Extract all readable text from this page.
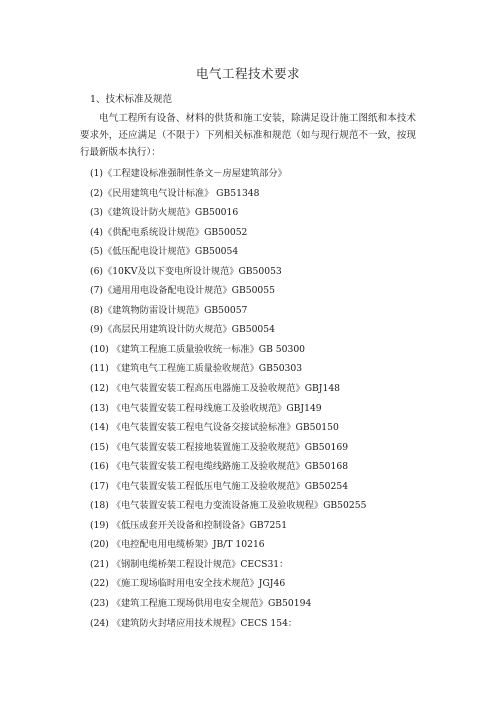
电气工程技术要求
1、技术标准及规范
电气工程所有设备、材料的供货和施工安装，除满足设计施工图纸和本技术要求外，还应满足（不限于）下列相关标准和规范（如与现行规范不一致，按现行最新版本执行）：
(1)《工程建设标准强制性条文－房屋建筑部分》
(2)《民用建筑电气设计标准》 GB51348
(3)《建筑设计防火规范》GB50016
(4)《供配电系统设计规范》GB50052
(5)《低压配电设计规范》GB50054
(6)《10KV及以下变电所设计规范》GB50053
(7)《通用用电设备配电设计规范》GB50055
(8)《建筑物防雷设计规范》GB50057
(9)《高层民用建筑设计防火规范》GB50054
(10) 《建筑工程施工质量验收统一标准》GB 50300
(11) 《建筑电气工程施工质量验收规范》GB50303
(12) 《电气装置安装工程高压电器施工及验收规范》GBJ148
(13) 《电气装置安装工程母线施工及验收规范》GBJ149
(14) 《电气装置安装工程电气设备交接试验标准》GB50150
(15) 《电气装置安装工程接地装置施工及验收规范》GB50169
(16) 《电气装置安装工程电缆线路施工及验收规范》GB50168
(17) 《电气装置安装工程低压电气施工及验收规范》GB50254
(18) 《电气装置安装工程电力变流设备施工及验收规程》GB50255
(19) 《低压成套开关设备和控制设备》GB7251
(20) 《电控配电用电缆桥架》JB/T 10216
(21) 《钢制电缆桥架工程设计规范》CECS31：
(22) 《施工现场临时用电安全技术规范》JGJ46
(23) 《建筑工程施工现场供用电安全规范》GB50194
(24) 《建筑防火封堵应用技术规程》CECS 154：
